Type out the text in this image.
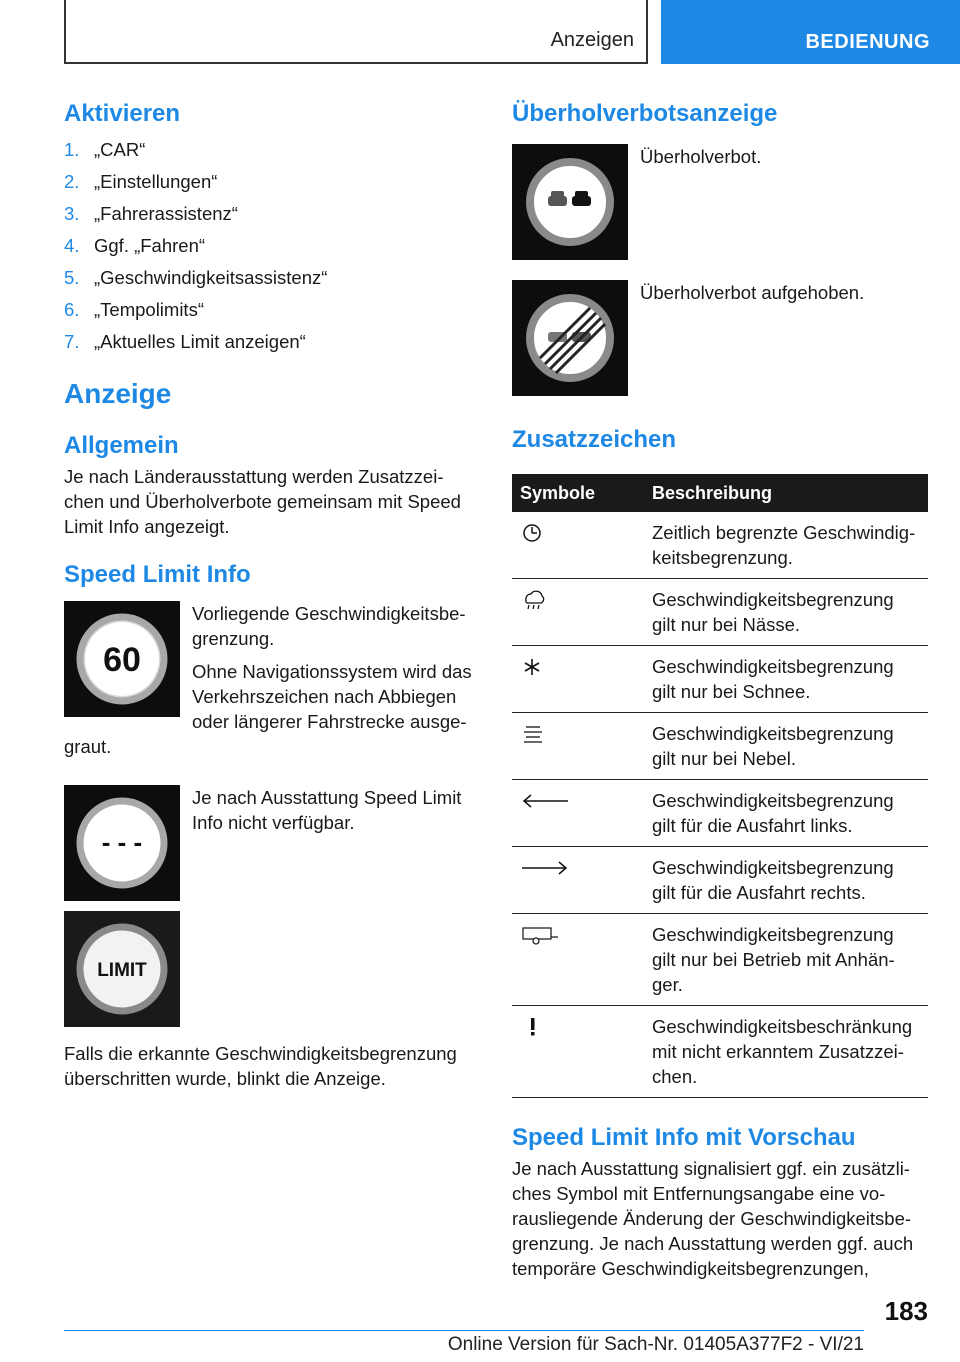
Anzeigen	BEDIENUNG
Aktivieren
1. „CAR“
2. „Einstellungen“
3. „Fahrerassistenz“
4. Ggf. „Fahren“
5. „Geschwindigkeitsassistenz“
6. „Tempolimits“
7. „Aktuelles Limit anzeigen“
Anzeige
Allgemein

Je nach Länderausstattung werden Zusatzzei-chen und Überholverbote gemeinsam mit Speed Limit Info angezeigt.

Speed Limit Info
60

Vorliegende Geschwindigkeitsbe-grenzung.

Ohne Navigationssystem wird das Verkehrszeichen nach Abbiegen oder längerer Fahrstrecke ausge-graut.

- - -

Je nach Ausstattung Speed Limit Info nicht verfügbar.

LIMIT

Falls die erkannte Geschwindigkeitsbegrenzung überschritten wurde, blinkt die Anzeige.

Überholverbotsanzeige

Überholverbot.

Überholverbot aufgehoben.

Zusatzzeichen
Symbole	Beschreibung
	Zeitlich begrenzte Geschwindig-keitsbegrenzung.
	Geschwindigkeitsbegrenzung gilt nur bei Nässe.
	Geschwindigkeitsbegrenzung gilt nur bei Schnee.
	Geschwindigkeitsbegrenzung gilt nur bei Nebel.
	Geschwindigkeitsbegrenzung gilt für die Ausfahrt links.
	Geschwindigkeitsbegrenzung gilt für die Ausfahrt rechts.
	Geschwindigkeitsbegrenzung gilt nur bei Betrieb mit Anhän-ger.
	Geschwindigkeitsbeschränkung mit nicht erkanntem Zusatzzei-chen.
Speed Limit Info mit Vorschau

Je nach Ausstattung signalisiert ggf. ein zusätzli-ches Symbol mit Entfernungsangabe eine vo-rausliegende Änderung der Geschwindigkeitsbe-grenzung. Je nach Ausstattung werden ggf. auch temporäre Geschwindigkeitsbegrenzungen,

183
Online Version für Sach-Nr. 01405A377F2 - VI/21
